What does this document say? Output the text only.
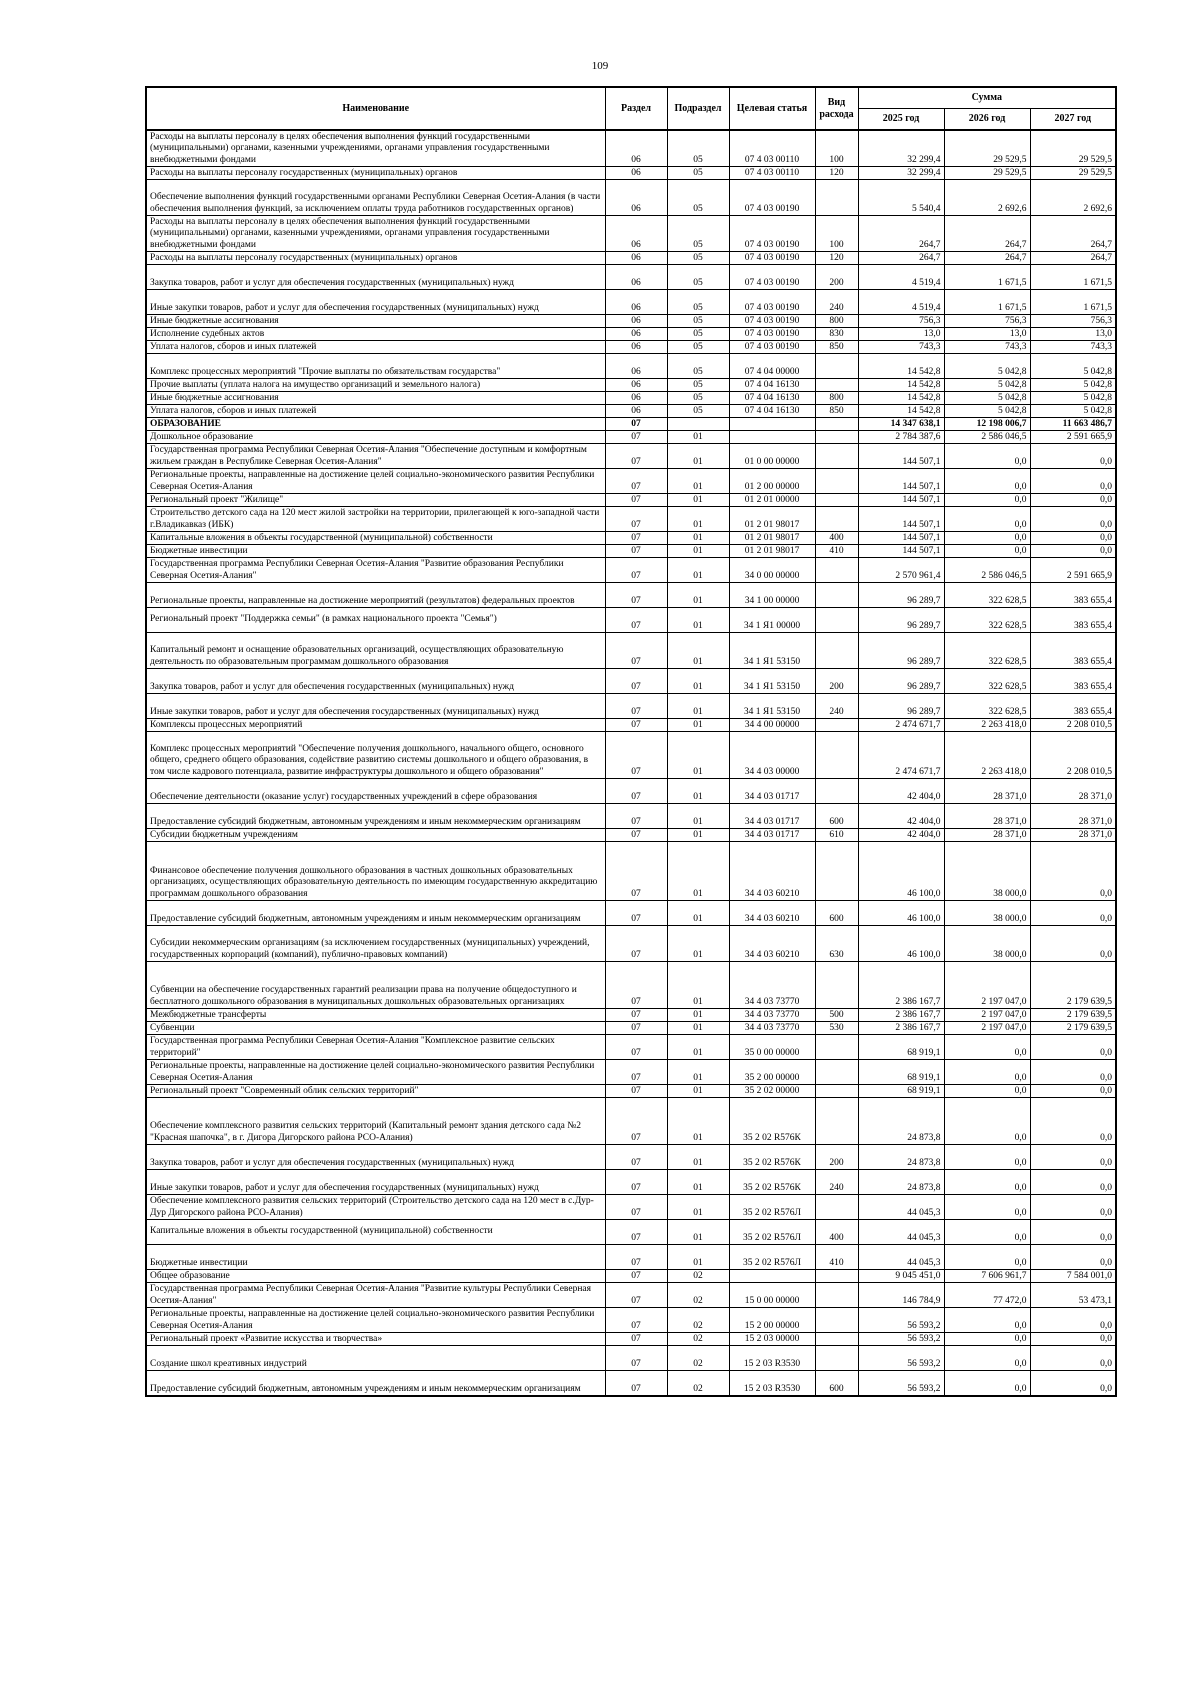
109
Наименование	Раздел	Подраздел	Целевая статья	Вид расхода	Сумма		
					2025 год	2026 год	2027 год
Расходы на выплаты персоналу в целях обеспечения выполнения функций государственными (муниципальными) органами, казенными учреждениями, органами управления государственными внебюджетными фондами	06	05	07 4 03 00110	100	32 299,4	29 529,5	29 529,5
Расходы на выплаты персоналу государственных (муниципальных) органов	06	05	07 4 03 00110	120	32 299,4	29 529,5	29 529,5
Обеспечение выполнения функций государственными органами Республики Северная Осетия-Алания (в части обеспечения выполнения функций, за исключением оплаты труда работников государственных органов)	06	05	07 4 03 00190		5 540,4	2 692,6	2 692,6
Расходы на выплаты персоналу в целях обеспечения выполнения функций государственными (муниципальными) органами, казенными учреждениями, органами управления государственными внебюджетными фондами	06	05	07 4 03 00190	100	264,7	264,7	264,7
Расходы на выплаты персоналу государственных (муниципальных) органов	06	05	07 4 03 00190	120	264,7	264,7	264,7
Закупка товаров, работ и услуг для обеспечения государственных (муниципальных) нужд	06	05	07 4 03 00190	200	4 519,4	1 671,5	1 671,5
Иные закупки товаров, работ и услуг для обеспечения государственных (муниципальных) нужд	06	05	07 4 03 00190	240	4 519,4	1 671,5	1 671,5
Иные бюджетные ассигнования	06	05	07 4 03 00190	800	756,3	756,3	756,3
Исполнение судебных актов	06	05	07 4 03 00190	830	13,0	13,0	13,0
Уплата налогов, сборов и иных платежей	06	05	07 4 03 00190	850	743,3	743,3	743,3
Комплекс процессных мероприятий "Прочие выплаты по обязательствам государства"	06	05	07 4 04 00000		14 542,8	5 042,8	5 042,8
Прочие выплаты (уплата налога на имущество организаций и земельного налога)	06	05	07 4 04 16130		14 542,8	5 042,8	5 042,8
Иные бюджетные ассигнования	06	05	07 4 04 16130	800	14 542,8	5 042,8	5 042,8
Уплата налогов, сборов и иных платежей	06	05	07 4 04 16130	850	14 542,8	5 042,8	5 042,8
ОБРАЗОВАНИЕ	07				14 347 638,1	12 198 006,7	11 663 486,7
Дошкольное образование	07	01			2 784 387,6	2 586 046,5	2 591 665,9
Государственная программа Республики Северная Осетия-Алания "Обеспечение доступным и комфортным жильем граждан в Республике Северная Осетия-Алания"	07	01	01 0 00 00000		144 507,1	0,0	0,0
Региональные проекты, направленные на достижение целей социально-экономического развития Республики Северная Осетия-Алания	07	01	01 2 00 00000		144 507,1	0,0	0,0
Региональный проект "Жилище"	07	01	01 2 01 00000		144 507,1	0,0	0,0
Строительство детского сада на 120 мест жилой застройки на территории, прилегающей к юго-западной части г.Владикавказ (ИБК)	07	01	01 2 01 98017		144 507,1	0,0	0,0
Капитальные вложения в объекты государственной (муниципальной) собственности	07	01	01 2 01 98017	400	144 507,1	0,0	0,0
Бюджетные инвестиции	07	01	01 2 01 98017	410	144 507,1	0,0	0,0
Государственная программа Республики Северная Осетия-Алания "Развитие образования Республики Северная Осетия-Алания"	07	01	34 0 00 00000		2 570 961,4	2 586 046,5	2 591 665,9
Региональные проекты, направленные на достижение мероприятий (результатов) федеральных проектов	07	01	34 1 00 00000		96 289,7	322 628,5	383 655,4
Региональный проект "Поддержка семьи" (в рамках национального проекта "Семья")	07	01	34 1 Я1 00000		96 289,7	322 628,5	383 655,4
Капитальный ремонт и оснащение образовательных организаций, осуществляющих образовательную деятельность по образовательным программам дошкольного образования	07	01	34 1 Я1 53150		96 289,7	322 628,5	383 655,4
Закупка товаров, работ и услуг для обеспечения государственных (муниципальных) нужд	07	01	34 1 Я1 53150	200	96 289,7	322 628,5	383 655,4
Иные закупки товаров, работ и услуг для обеспечения государственных (муниципальных) нужд	07	01	34 1 Я1 53150	240	96 289,7	322 628,5	383 655,4
Комплексы процессных мероприятий	07	01	34 4 00 00000		2 474 671,7	2 263 418,0	2 208 010,5
Комплекс процессных мероприятий "Обеспечение получения дошкольного, начального общего, основного общего, среднего общего образования, содействие развитию системы дошкольного и общего образования, в том числе кадрового потенциала, развитие инфраструктуры дошкольного и общего образования"	07	01	34 4 03 00000		2 474 671,7	2 263 418,0	2 208 010,5
Обеспечение деятельности (оказание услуг) государственных учреждений в сфере образования	07	01	34 4 03 01717		42 404,0	28 371,0	28 371,0
Предоставление субсидий бюджетным, автономным учреждениям и иным некоммерческим организациям	07	01	34 4 03 01717	600	42 404,0	28 371,0	28 371,0
Субсидии бюджетным учреждениям	07	01	34 4 03 01717	610	42 404,0	28 371,0	28 371,0
Финансовое обеспечение получения дошкольного образования в частных дошкольных образовательных организациях, осуществляющих образовательную деятельность по имеющим государственную аккредитацию программам дошкольного образования	07	01	34 4 03 60210		46 100,0	38 000,0	0,0
Предоставление субсидий бюджетным, автономным учреждениям и иным некоммерческим организациям	07	01	34 4 03 60210	600	46 100,0	38 000,0	0,0
Субсидии некоммерческим организациям (за исключением государственных (муниципальных) учреждений, государственных корпораций (компаний), публично-правовых компаний)	07	01	34 4 03 60210	630	46 100,0	38 000,0	0,0
Субвенции на обеспечение государственных гарантий реализации права на получение общедоступного и бесплатного дошкольного образования в муниципальных дошкольных образовательных организациях	07	01	34 4 03 73770		2 386 167,7	2 197 047,0	2 179 639,5
Межбюджетные трансферты	07	01	34 4 03 73770	500	2 386 167,7	2 197 047,0	2 179 639,5
Субвенции	07	01	34 4 03 73770	530	2 386 167,7	2 197 047,0	2 179 639,5
Государственная программа Республики Северная Осетия-Алания "Комплексное развитие сельских территорий"	07	01	35 0 00 00000		68 919,1	0,0	0,0
Региональные проекты, направленные на достижение целей социально-экономического развития Республики Северная Осетия-Алания	07	01	35 2 00 00000		68 919,1	0,0	0,0
Региональный проект "Современный облик сельских территорий"	07	01	35 2 02 00000		68 919,1	0,0	0,0
Обеспечение комплексного развития сельских территорий (Капитальный ремонт здания детского сада №2 "Красная шапочка", в г. Дигора Дигорского района РСО-Алания)	07	01	35 2 02 R576К		24 873,8	0,0	0,0
Закупка товаров, работ и услуг для обеспечения государственных (муниципальных) нужд	07	01	35 2 02 R576К	200	24 873,8	0,0	0,0
Иные закупки товаров, работ и услуг для обеспечения государственных (муниципальных) нужд	07	01	35 2 02 R576К	240	24 873,8	0,0	0,0
Обеспечение комплексного развития сельских территорий (Строительство детского сада на 120 мест в с.Дур-Дур Дигорского района РСО-Алания)	07	01	35 2 02 R576Л		44 045,3	0,0	0,0
Капитальные вложения в объекты государственной (муниципальной) собственности	07	01	35 2 02 R576Л	400	44 045,3	0,0	0,0
Бюджетные инвестиции	07	01	35 2 02 R576Л	410	44 045,3	0,0	0,0
Общее образование	07	02			9 045 451,0	7 606 961,7	7 584 001,0
Государственная программа Республики Северная Осетия-Алания "Развитие культуры Республики Северная Осетия-Алания"	07	02	15 0 00 00000		146 784,9	77 472,0	53 473,1
Региональные проекты, направленные на достижение целей социально-экономического развития Республики Северная Осетия-Алания	07	02	15 2 00 00000		56 593,2	0,0	0,0
Региональный проект «Развитие искусства и творчества»	07	02	15 2 03 00000		56 593,2	0,0	0,0
Создание школ креативных индустрий	07	02	15 2 03 R3530		56 593,2	0,0	0,0
Предоставление субсидий бюджетным, автономным учреждениям и иным некоммерческим организациям	07	02	15 2 03 R3530	600	56 593,2	0,0	0,0
